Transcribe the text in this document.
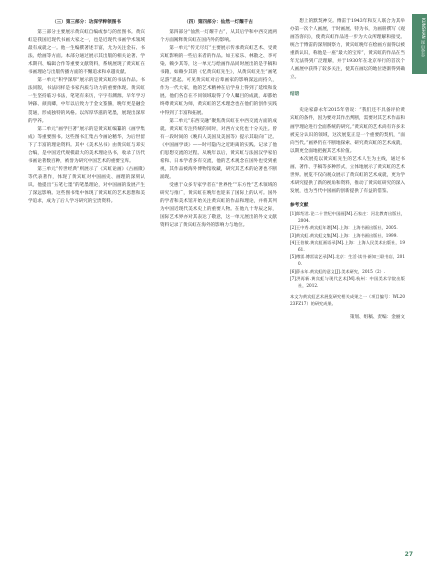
KUNSHAN 昆山杂志
（三）第三部分：功深学粹领图书

第三部分主要展示黄宾虹自编或参与的丝图书。黄宾虹是我国近现代书画大家之一，也是近现代书画学术领域最有成就之一。他一生编撰著述丰富，尤为关注金石、书法、绘画等方面。本部分通过展示其出版的相关论著、学术期刊、编辑合作等重要文献资料，系统展现了黄宾虹在书画理论与出版传播方面的不懈追求和卓越贡献。

第一单元“积学深厚”展示的是黄宾虹的书法作品。书法同版，书法同样是书家内质与功力的重要体现。黄宾虹一生坚持临习书法，笔笔有来历，字字有渊源。早年学习钟繇、颜真卿，中年以后致力于金文篆籀，晚年更是融会贯通，形成独特的风格。以浑厚华滋的笔墨，展现出深厚的学养。

第二单元“画学巨著”展示的是黄宾虹编纂的《画学集成》等重要图书。这些图书汇集古今画论精华，为后世留下了丰富的理论资料。其中《美术丛书》由黄宾虹与邓实合编，是中国近代规模最大的美术理论丛书，收录了历代书画论著数百种，被誉为研究中国艺术的重要宝库。

第三单元“传世经典”则展示了《宾虹论画》《古画微》等代表著作，体现了黄宾虹对中国画史、画理的深刻认识。他提出“五笔七墨”的笔墨理论，对中国画的发展产生了深远影响。这些图书集中体现了黄宾虹的艺术思想和美学追求，成为了后人学习研究的宝贵资料。

（四）第四部分：仙然一灯耀千古

第四部分“仙然一灯耀千古”，从其后学和中西交流两个方面阐释黄宾虹在国内外的影响。

第一单元“传无尽灯”主要展示传承黄宾虹艺术、受黄宾虹影响的一些后来者的作品。如王家乐、林散之、李可染、赖少其等，这一单元与绘画作品同时展出的是手稿和书籍，如赖少其的《忆黄宾虹先生》，从黄宾虹先生“画笔记游”思起。可见黄宾虹对后辈画家的影响深远而持久，作为一代大家，他的艺术精神在后学身上得到了延续和发展。他们各自在不同领域取得了令人瞩目的成就，却都始终尊黄宾虹为师，黄宾虹的艺术理念也在他们的创作实践中得到了丰富和拓展。

第二单元“东西交融”聚焦黄宾虹在中西交流方面的成就。黄宾虹专注传统的同时，对西方文化也十分关注。曾有一段时间的《晚归人美国及美国等》提示其取向广泛。《中国画学谈》——时可隐内之近距离的实践。记录了他们思想交流的过程。从晚年以后，黄宾虹与法国汉学家伯希和、日本学者多有交流，他的艺术观念在国外也受到重视，其作品被海外博物馆收藏，研究其艺术的论著也不断涌现。

受惠于众多专家学者在“世界性”“东方性”艺术领域的研究与推广，黄宾虹在晚年也迎来了国际上的认可。国外的学者和美术馆开始关注黄宾虹的作品和理论，并将其列为中国近现代美术史上的重要人物。在他九十寿辰之际，国际艺术界亦对其表达了敬意，这一单元展出的外文文献资料记录了黄宾虹在海外的影响力与地位。

想上的默契神交。傅雷于1943年和友人联合为其举办第一次个人画展，于时画展、特为书，为画册撰写《观画答客问》，使黄宾虹作品进一步为大众所理解和接受。统合于傅雷的深刻洞察力，黄宾虹晚年在绘画方面得以被重新认识，称他是一座“最大的宝库”，黄宾虹的作品在当年无法得到广泛理解，并于1930年在北京举行的首次个人画展中获得了较多关注，使其在画坛的地位逐渐得到确立。

结语

史论家薛永年2015年曾说：“我们还不具备评价黄宾虹的条件，因为要对其作出判断，需要对其艺术作品和画学理论进行全面系统的研究。”黄宾虹的艺术尚有许多未被充分认识的领域，这次展览正是一个重要的契机，“面向当代。”画界仍在不断地探索、研究黄宾虹的艺术成就，以期更全面地把握其艺术价值。

本次展览以黄宾虹先生的艺术人生为主线，通过书画、著作、手稿等多种形式，立体地展示了黄宾虹的艺术世界。展览不仅向观众展示了黄宾虹的艺术成就，更为学术研究提供了新的视角和资料，推动了黄宾虹研究的深入发展，也为当代中国画的创新提供了有益的借鉴。

参考文献

[1]郎绍君.论二十世纪中国画[M].石家庄：河北教育出版社，2004.

[2]王中秀.黄宾虹年谱[M].上海：上海书画出版社，2005.

[3]黄宾虹.黄宾虹文集[M].上海：上海书画出版社，1999.

[4]王伯敏.黄宾虹画语录[M].上海：上海人民美术出版社，1961.

[5]傅雷.傅雷谈艺录[M].北京：生活·读书·新知三联书店，2010.

[6]薛永年.黄宾虹的意义[J].美术研究，2015（2）.

[7]洪再新.黄宾虹与现代艺术[M].杭州：中国美术学院出版社，2012.

本文为黄宾虹艺术展览研究相关成果之一（项目编号：WL2023FZ17）的研究成果。
策划、组稿、责编：金丽文
27
